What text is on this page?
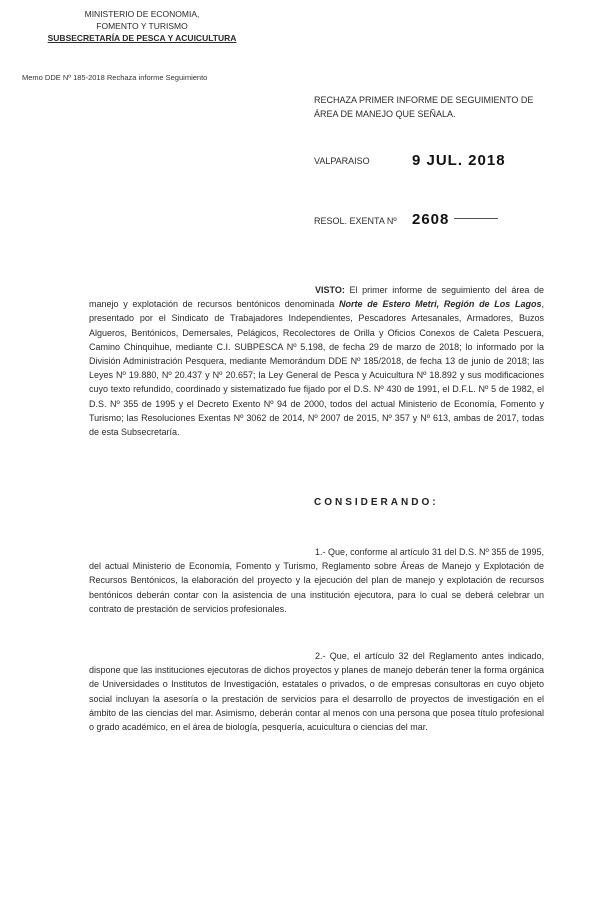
MINISTERIO DE ECONOMIA,
FOMENTO Y TURISMO
SUBSECRETARÍA DE PESCA Y ACUICULTURA
Memo DDE Nº 185-2018 Rechaza informe Seguimiento
RECHAZA PRIMER INFORME DE SEGUIMIENTO DE ÁREA DE MANEJO QUE SEÑALA.
VALPARAISO	9 JUL. 2018
RESOL. EXENTA Nº 2608
VISTO: El primer informe de seguimiento del área de manejo y explotación de recursos bentónicos denominada Norte de Estero Metri, Región de Los Lagos, presentado por el Sindicato de Trabajadores Independientes, Pescadores Artesanales, Armadores, Buzos Algueros, Bentónicos, Demersales, Pelágicos, Recolectores de Orilla y Oficios Conexos de Caleta Pescuera, Camino Chinquihue, mediante C.I. SUBPESCA Nº 5.198, de fecha 29 de marzo de 2018; lo informado por la División Administración Pesquera, mediante Memorándum DDE Nº 185/2018, de fecha 13 de junio de 2018; las Leyes Nº 19.880, Nº 20.437 y Nº 20.657; la Ley General de Pesca y Acuicultura Nº 18.892 y sus modificaciones cuyo texto refundido, coordinado y sistematizado fue fijado por el D.S. Nº 430 de 1991, el D.F.L. Nº 5 de 1982, el D.S. Nº 355 de 1995 y el Decreto Exento Nº 94 de 2000, todos del actual Ministerio de Economía, Fomento y Turismo; las Resoluciones Exentas Nº 3062 de 2014, Nº 2007 de 2015, Nº 357 y Nº 613, ambas de 2017, todas de esta Subsecretaría.
CONSIDERANDO:
1.- Que, conforme al artículo 31 del D.S. Nº 355 de 1995, del actual Ministerio de Economía, Fomento y Turismo, Reglamento sobre Áreas de Manejo y Explotación de Recursos Bentónicos, la elaboración del proyecto y la ejecución del plan de manejo y explotación de recursos bentónicos deberán contar con la asistencia de una institución ejecutora, para lo cual se deberá celebrar un contrato de prestación de servicios profesionales.
2.- Que, el artículo 32 del Reglamento antes indicado, dispone que las instituciones ejecutoras de dichos proyectos y planes de manejo deberán tener la forma orgánica de Universidades o Institutos de Investigación, estatales o privados, o de empresas consultoras en cuyo objeto social incluyan la asesoría o la prestación de servicios para el desarrollo de proyectos de investigación en el ámbito de las ciencias del mar. Asimismo, deberán contar al menos con una persona que posea título profesional o grado académico, en el área de biología, pesquería, acuicultura o ciencias del mar.
